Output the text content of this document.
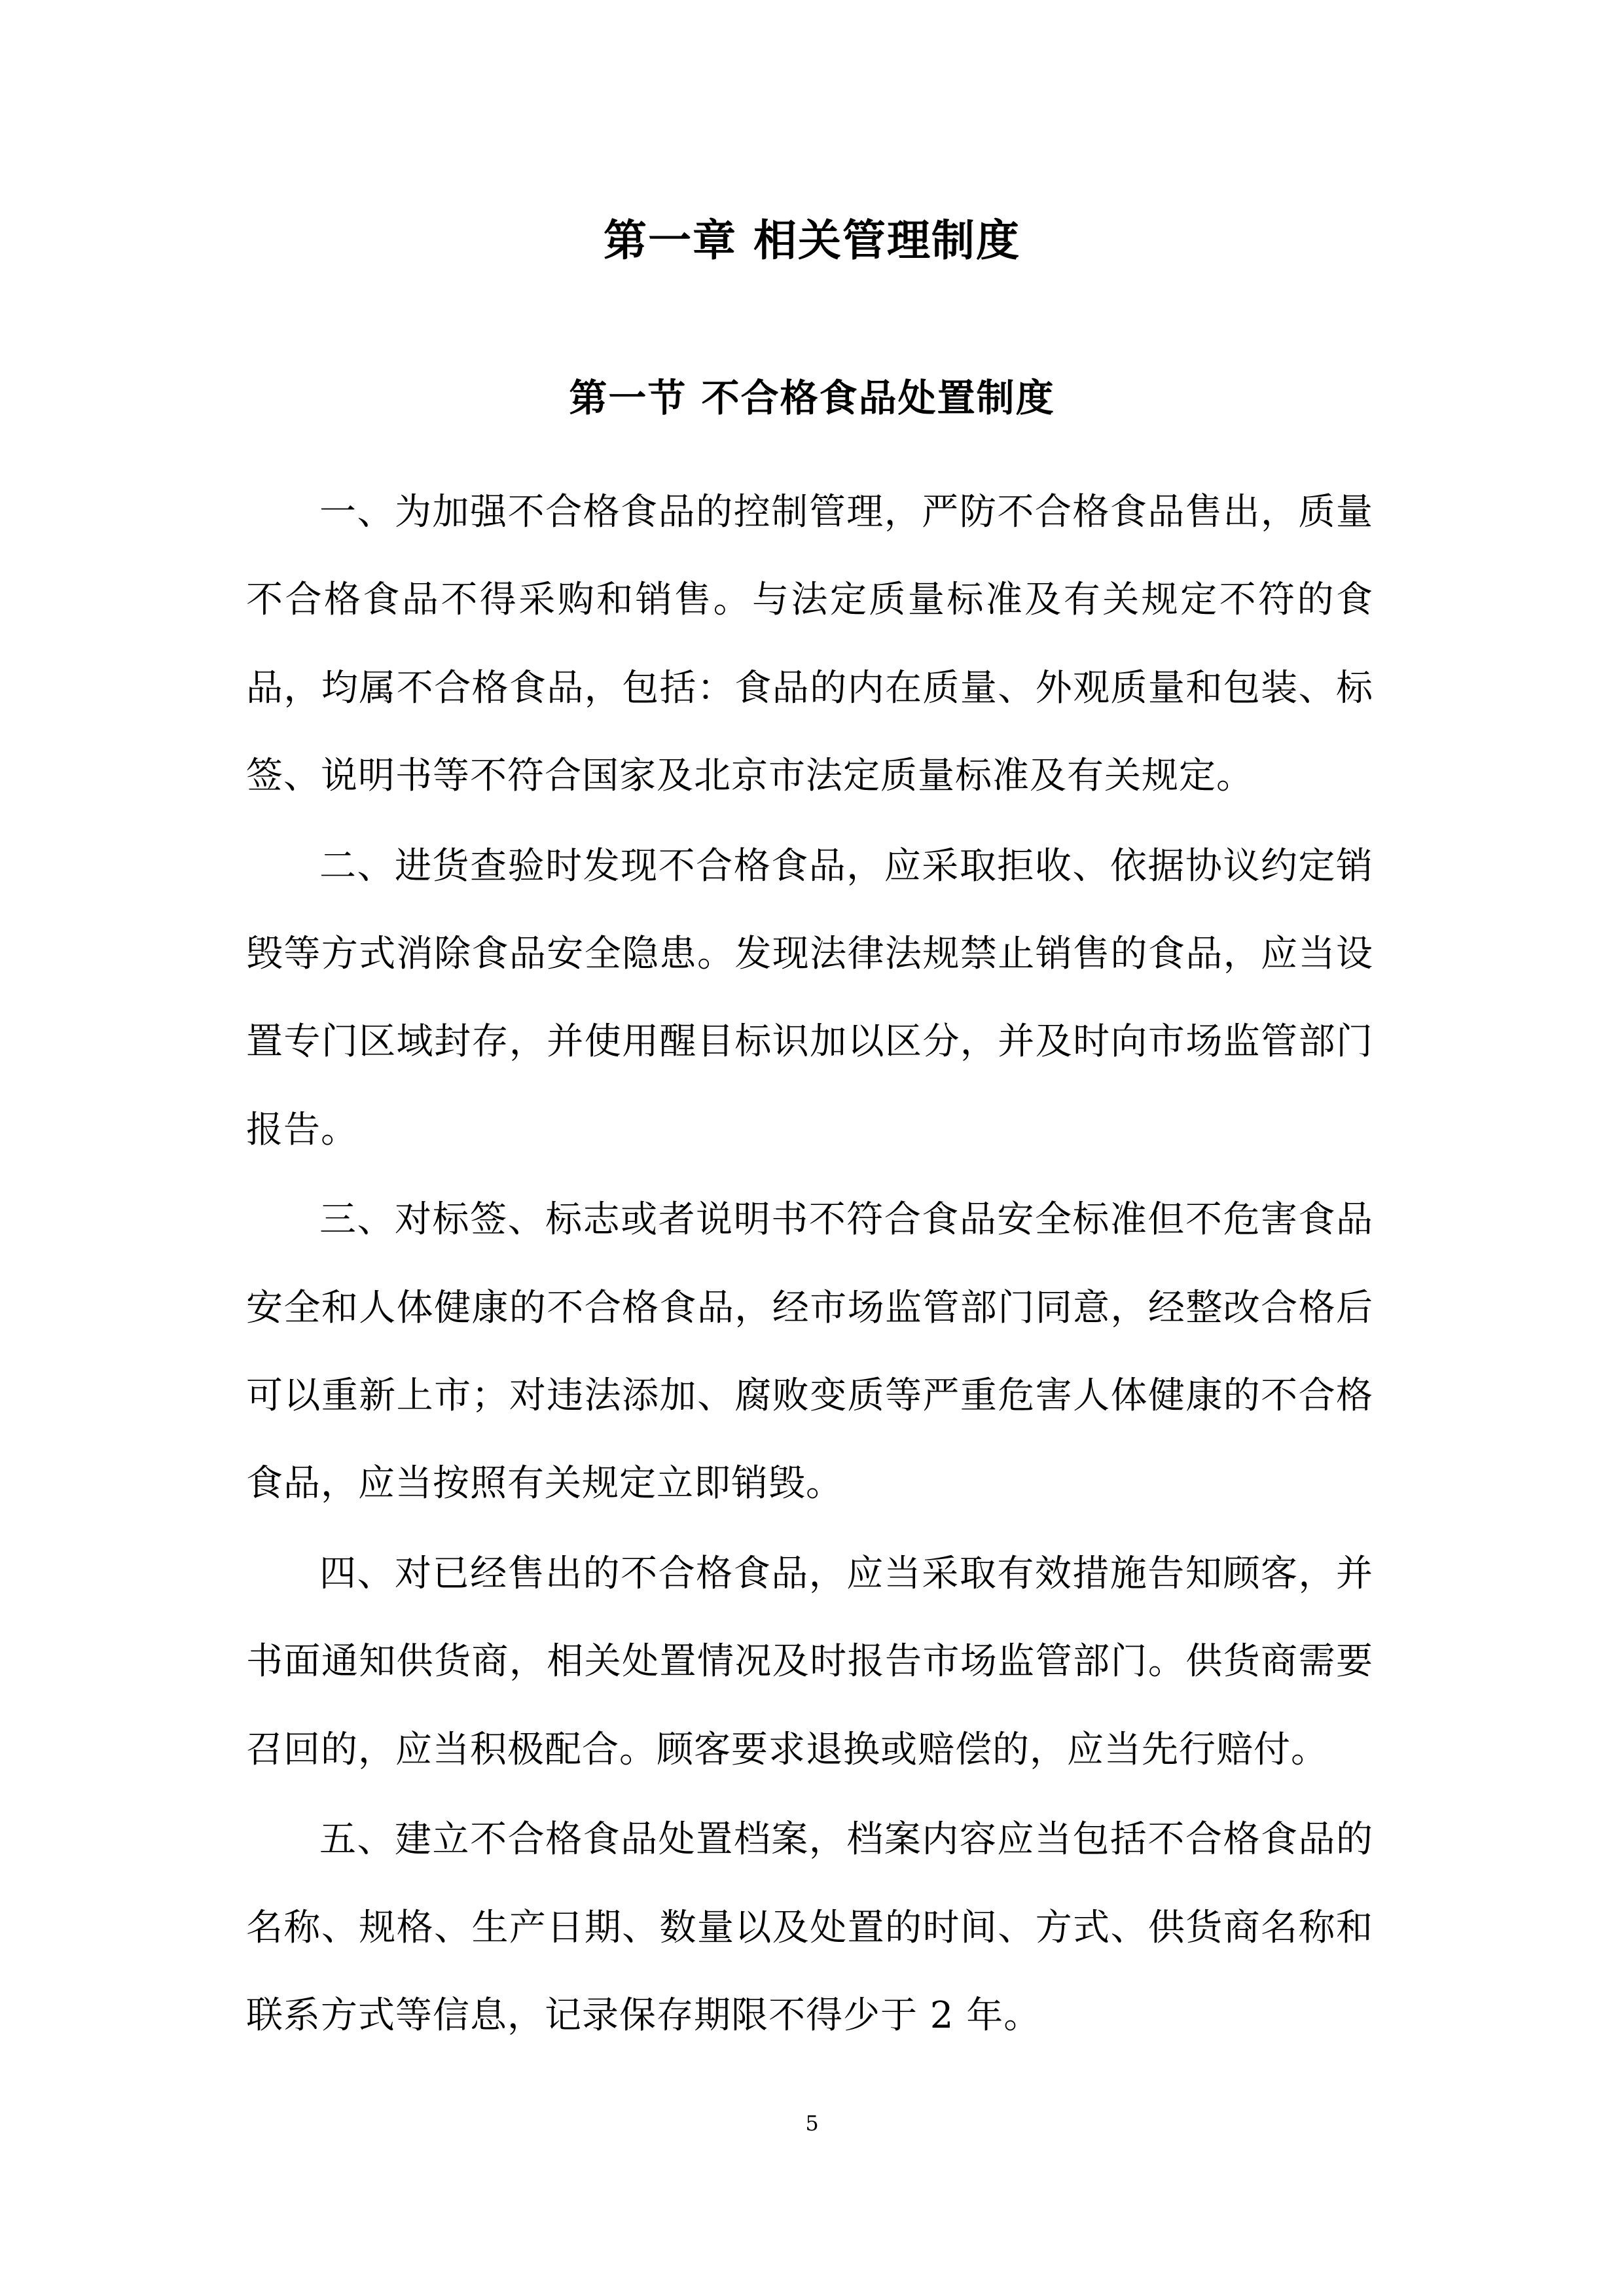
第一章 相关管理制度
第一节 不合格食品处置制度

一、为加强不合格食品的控制管理，严防不合格食品售出，质量不合格食品不得采购和销售。与法定质量标准及有关规定不符的食品，均属不合格食品，包括：食品的内在质量、外观质量和包装、标签、说明书等不符合国家及北京市法定质量标准及有关规定。

二、进货查验时发现不合格食品，应采取拒收、依据协议约定销毁等方式消除食品安全隐患。发现法律法规禁止销售的食品，应当设置专门区域封存，并使用醒目标识加以区分，并及时向市场监管部门报告。

三、对标签、标志或者说明书不符合食品安全标准但不危害食品安全和人体健康的不合格食品，经市场监管部门同意，经整改合格后可以重新上市；对违法添加、腐败变质等严重危害人体健康的不合格食品，应当按照有关规定立即销毁。

四、对已经售出的不合格食品，应当采取有效措施告知顾客，并书面通知供货商，相关处置情况及时报告市场监管部门。供货商需要召回的，应当积极配合。顾客要求退换或赔偿的，应当先行赔付。

五、建立不合格食品处置档案，档案内容应当包括不合格食品的名称、规格、生产日期、数量以及处置的时间、方式、供货商名称和联系方式等信息，记录保存期限不得少于 2 年。

5
